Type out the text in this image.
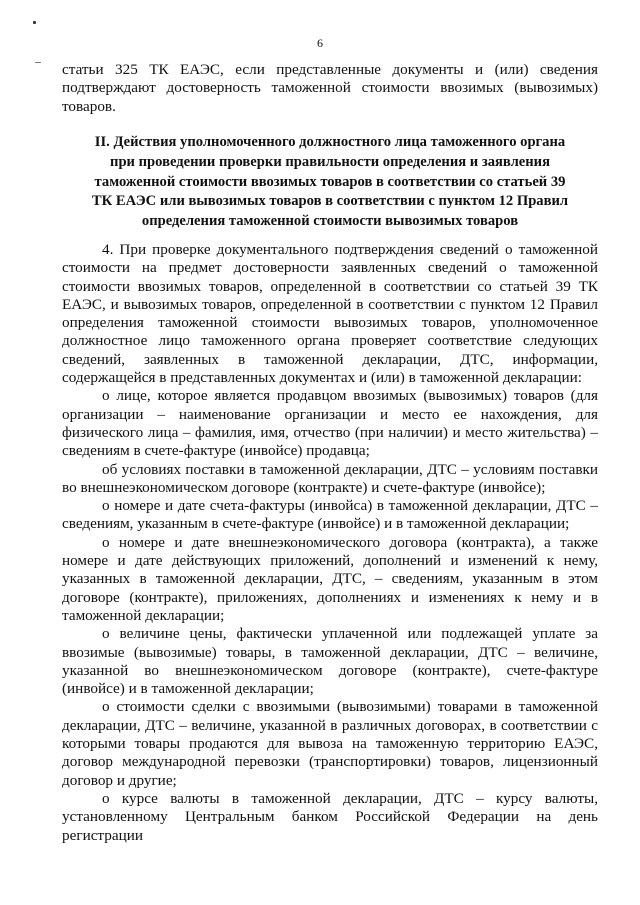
6

статьи 325 ТК ЕАЭС, если представленные документы и (или) сведения подтверждают достоверность таможенной стоимости ввозимых (вывозимых) товаров.

II. Действия уполномоченного должностного лица таможенного органа
при проведении проверки правильности определения и заявления
таможенной стоимости ввозимых товаров в соответствии со статьей 39
ТК ЕАЭС или вывозимых товаров в соответствии с пунктом 12 Правил
определения таможенной стоимости вывозимых товаров

4. При проверке документального подтверждения сведений о таможенной стоимости на предмет достоверности заявленных сведений о таможенной стоимости ввозимых товаров, определенной в соответствии со статьей 39 ТК ЕАЭС, и вывозимых товаров, определенной в соответствии с пунктом 12 Правил определения таможенной стоимости вывозимых товаров, уполномоченное должностное лицо таможенного органа проверяет соответствие следующих сведений, заявленных в таможенной декларации, ДТС, информации, содержащейся в представленных документах и (или) в таможенной декларации:

о лице, которое является продавцом ввозимых (вывозимых) товаров (для организации – наименование организации и место ее нахождения, для физического лица – фамилия, имя, отчество (при наличии) и место жительства) – сведениям в счете-фактуре (инвойсе) продавца;

об условиях поставки в таможенной декларации, ДТС – условиям поставки во внешнеэкономическом договоре (контракте) и счете-фактуре (инвойсе);

о номере и дате счета-фактуры (инвойса) в таможенной декларации, ДТС – сведениям, указанным в счете-фактуре (инвойсе) и в таможенной декларации;

о номере и дате внешнеэкономического договора (контракта), а также номере и дате действующих приложений, дополнений и изменений к нему, указанных в таможенной декларации, ДТС, – сведениям, указанным в этом договоре (контракте), приложениях, дополнениях и изменениях к нему и в таможенной декларации;

о величине цены, фактически уплаченной или подлежащей уплате за ввозимые (вывозимые) товары, в таможенной декларации, ДТС – величине, указанной во внешнеэкономическом договоре (контракте), счете-фактуре (инвойсе) и в таможенной декларации;

о стоимости сделки с ввозимыми (вывозимыми) товарами в таможенной декларации, ДТС – величине, указанной в различных договорах, в соответствии с которыми товары продаются для вывоза на таможенную территорию ЕАЭС, договор международной перевозки (транспортировки) товаров, лицензионный договор и другие;

о курсе валюты в таможенной декларации, ДТС – курсу валюты, установленному Центральным банком Российской Федерации на день регистрации
